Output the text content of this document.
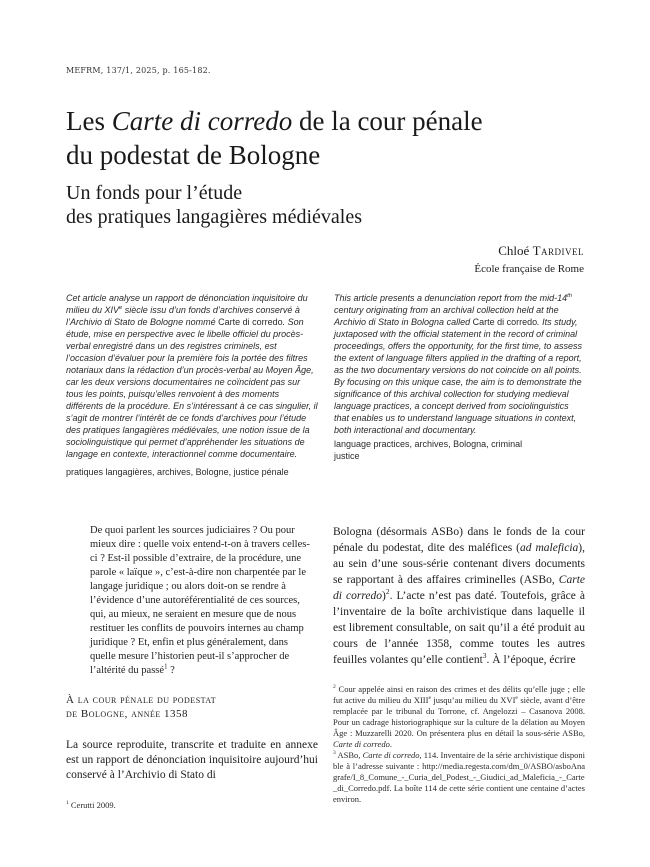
MEFRM, 137/1, 2025, p. 165-182.
Les Carte di corredo de la cour pénale
du podestat de Bologne
Un fonds pour l’étude
des pratiques langagières médiévales
Chloé Tardivel
École française de Rome
Cet article analyse un rapport de dénonciation inquisitoire du milieu du XIVe siècle issu d’un fonds d’archives conservé à l’Archivio di Stato de Bologne nommé Carte di corredo. Son étude, mise en perspective avec le libelle officiel du procès-verbal enregistré dans un des registres criminels, est l’occasion d’évaluer pour la première fois la portée des filtres notariaux dans la rédaction d’un procès-verbal au Moyen Âge, car les deux versions documentaires ne coïncident pas sur tous les points, puisqu’elles renvoient à des moments différents de la procédure. En s’intéressant à ce cas singulier, il s’agit de montrer l’intérêt de ce fonds d’archives pour l’étude des pratiques langagières médiévales, une notion issue de la sociolinguistique qui permet d’appréhender les situations de langage en contexte, interactionnel comme documentaire.
pratiques langagières, archives, Bologne, justice pénale
This article presents a denunciation report from the mid-14th century originating from an archival collection held at the Archivio di Stato in Bologna called Carte di corredo. Its study, juxtaposed with the official statement in the record of criminal proceedings, offers the opportunity, for the first time, to assess the extent of language filters applied in the drafting of a report, as the two documentary versions do not coincide on all points. By focusing on this unique case, the aim is to demonstrate the significance of this archival collection for studying medieval language practices, a concept derived from sociolinguistics that enables us to understand language situations in context, both interactional and documentary.
language practices, archives, Bologna, criminal justice
De quoi parlent les sources judiciaires ? Ou pour mieux dire : quelle voix entend-t-on à travers celles-ci ? Est-il possible d’extraire, de la procédure, une parole « laïque », c’est-à-dire non charpentée par le langage juridique ; ou alors doit-on se rendre à l’évidence d’une autoréférentialité de ces sources, qui, au mieux, ne seraient en mesure que de nous restituer les conflits de pouvoirs internes au champ juridique ? Et, enfin et plus généralement, dans quelle mesure l’historien peut-il s’approcher de l’altérité du passé$^1$ ?
Bologna (désormais ASBo) dans le fonds de la cour pénale du podestat, dite des maléfices (ad maleficia), au sein d’une sous-série contenant divers documents se rapportant à des affaires criminelles (ASBo, Carte di corredo)$^2$. L’acte n’est pas daté. Toutefois, grâce à l’inventaire de la boîte archivistique dans laquelle il est librement consultable, on sait qu’il a été produit au cours de l’année 1358, comme toutes les autres feuilles volantes qu’elle contient$^3$. À l’époque, écrire
À la cour pénale du podestat
de Bologne, année 1358
La source reproduite, transcrite et traduite en annexe est un rapport de dénonciation inquisitoire aujourd’hui conservé à l’Archivio di Stato di
$^1$ Cerutti 2009.
$^2$ Cour appelée ainsi en raison des crimes et des délits qu’elle juge ; elle fut active du milieu du XIIIe jusqu’au milieu du XVIe siècle, avant d’être remplacée par le tribunal du Torrone, cf. Angelozzi – Casanova 2008. Pour un cadrage historiographique sur la culture de la délation au Moyen Âge : Muzzarelli 2020. On présentera plus en détail la sous-série ASBo, Carte di corredo.
$^3$ ASBo, Carte di corredo, 114. Inventaire de la série archivistique disponible à l’adresse suivante : http://media.regesta.com/dm_0/ASBO/asboAnagrafe/I_8_Comune_-_Curia_del_Podest_-_Giudici_ad_Maleficia_-_Carte_di_Corredo.pdf. La boîte 114 de cette série contient une centaine d’actes environ.
